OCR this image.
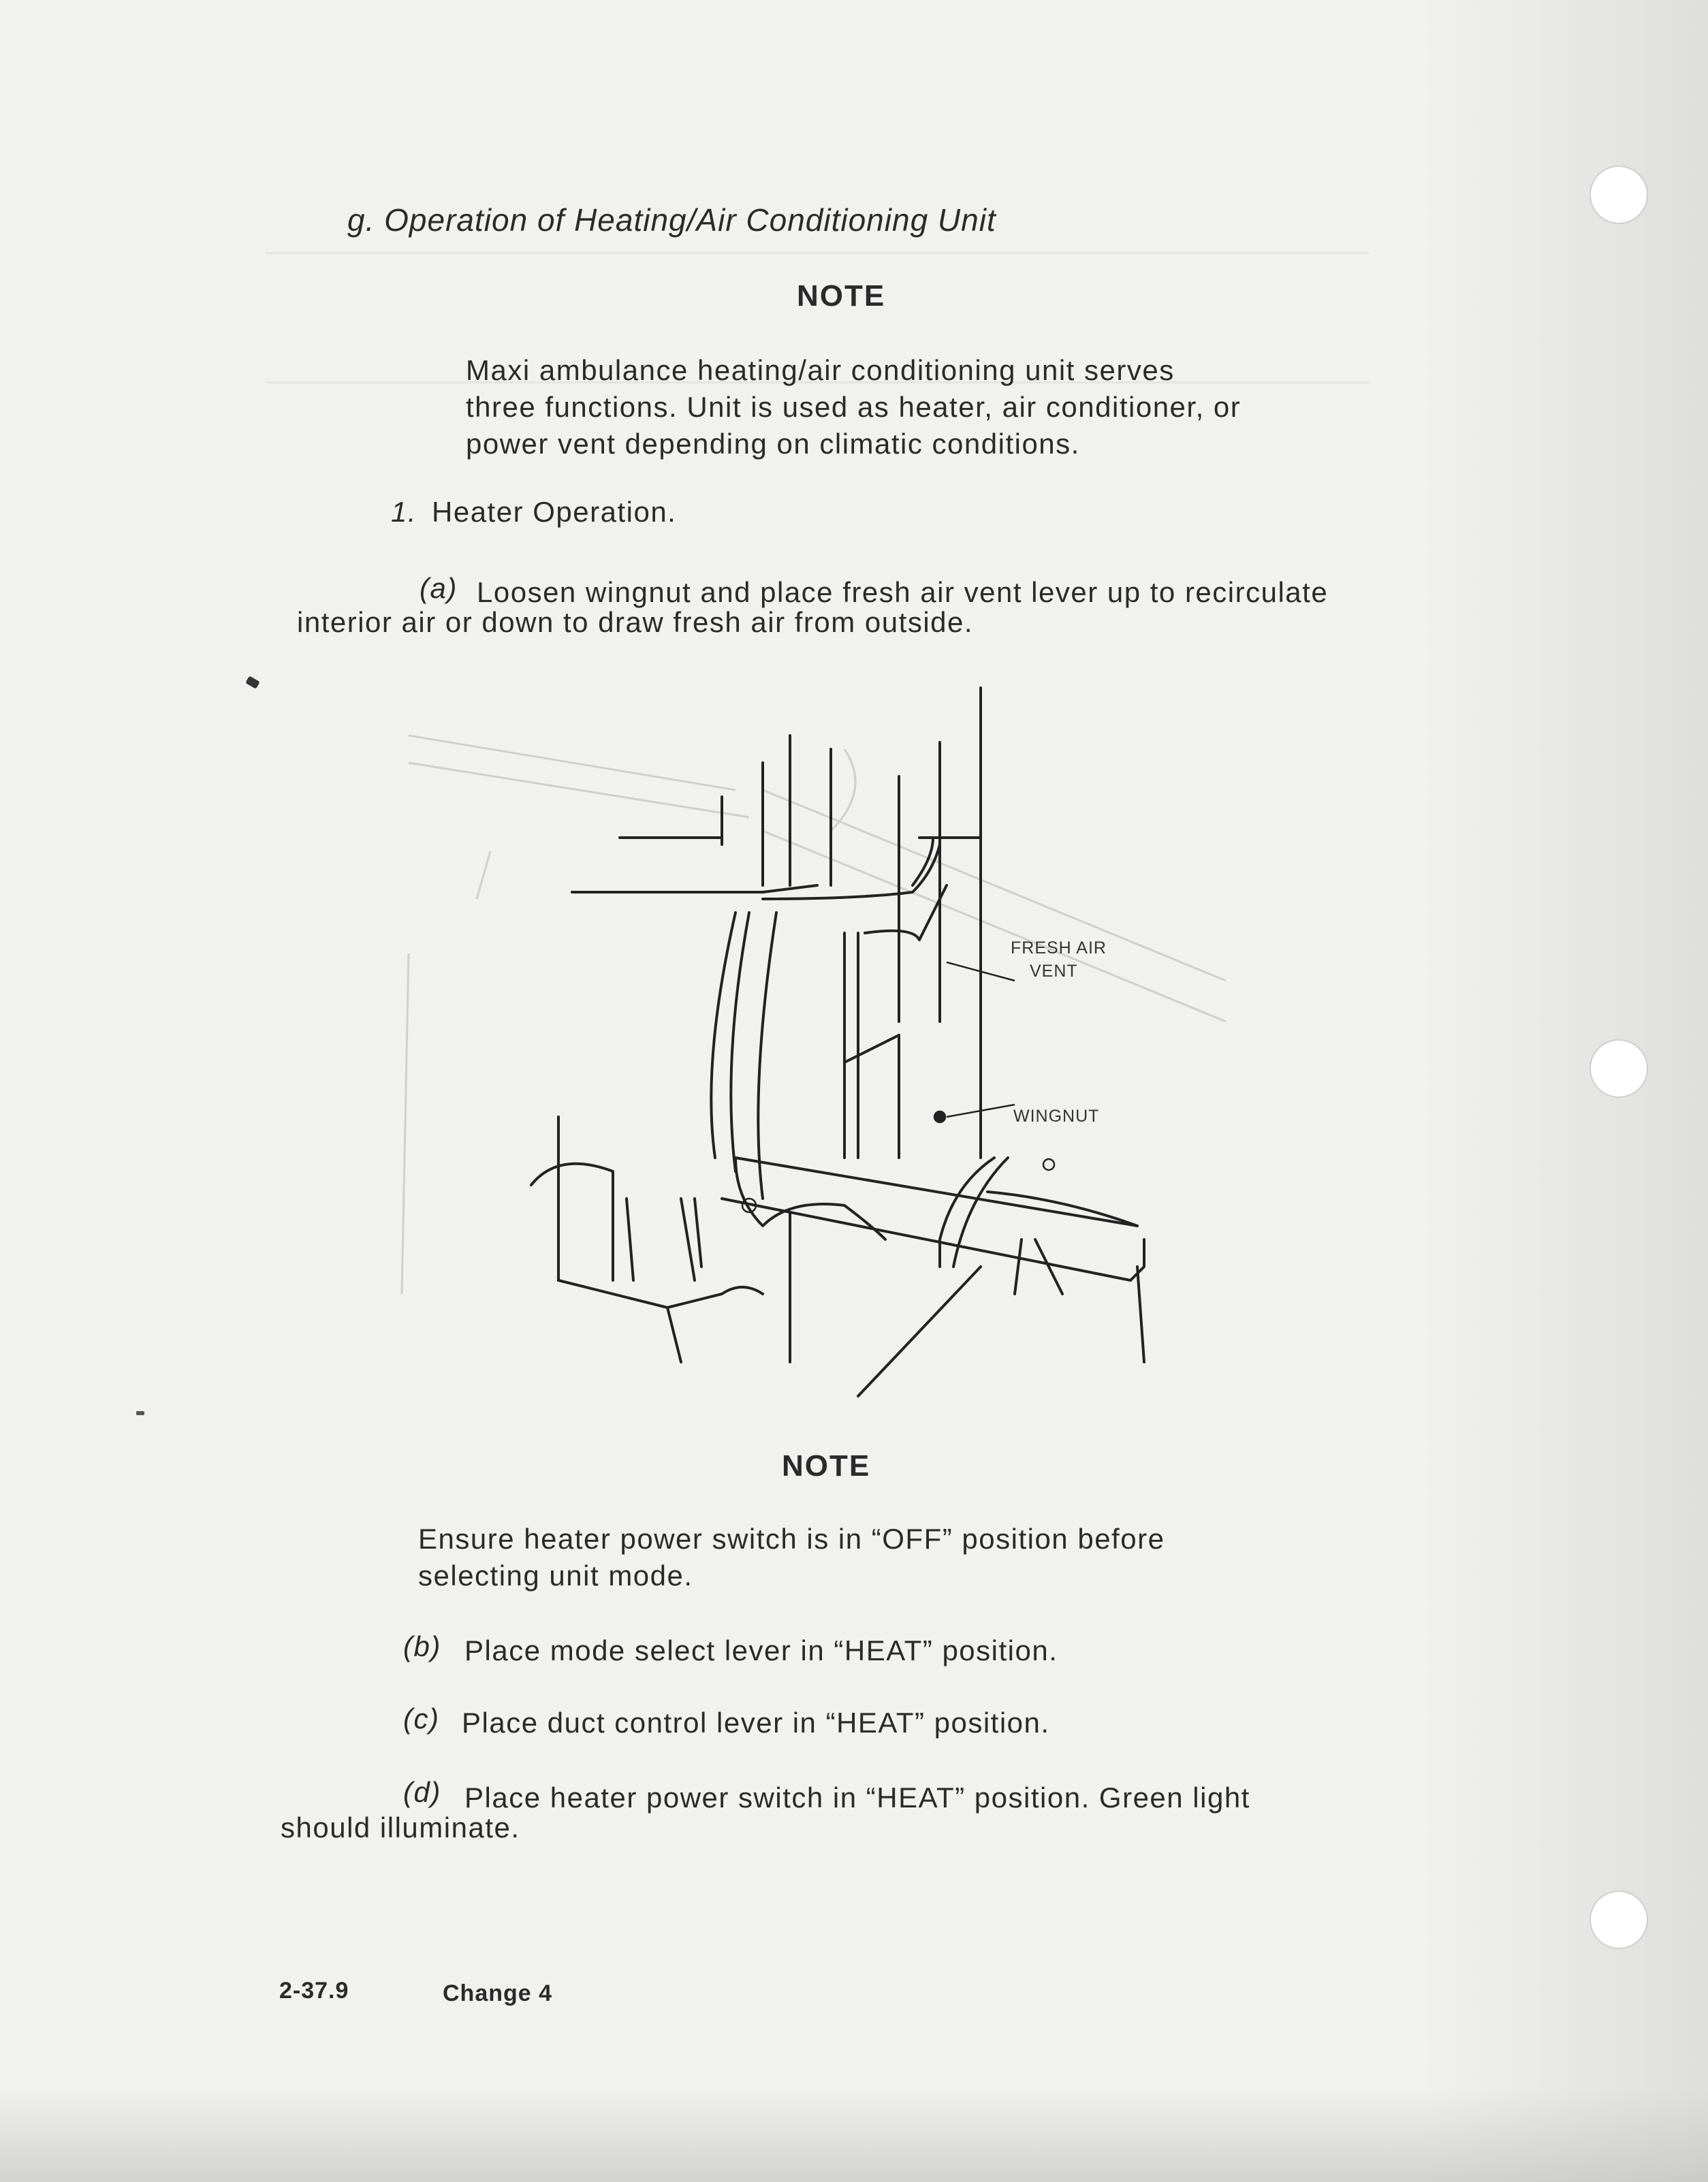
g. Operation of Heating/Air Conditioning Unit
NOTE
Maxi ambulance heating/air conditioning unit serves
three functions. Unit is used as heater, air conditioner, or
power vent depending on climatic conditions.
1. Heater Operation.
(a) Loosen wingnut and place fresh air vent lever up to recirculate
interior air or down to draw fresh air from outside.
FRESH AIR
VENT
WINGNUT
NOTE
Ensure heater power switch is in “OFF” position before
selecting unit mode.
(b) Place mode select lever in “HEAT” position.
(c) Place duct control lever in “HEAT” position.
(d) Place heater power switch in “HEAT” position. Green light
should illuminate.
2-37.9	Change 4
